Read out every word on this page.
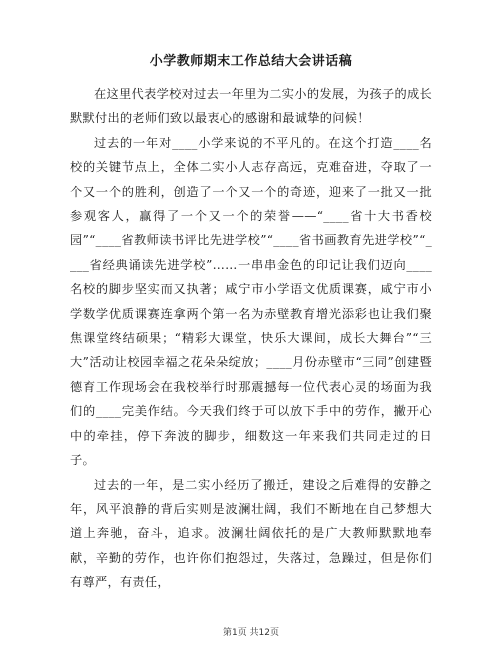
小学教师期末工作总结大会讲话稿

在这里代表学校对过去一年里为二实小的发展，为孩子的成长默默付出的老师们致以最衷心的感谢和最诚挚的问候！

过去的一年对____小学来说的不平凡的。在这个打造____名校的关键节点上，全体二实小人志存高远，克难奋进，夺取了一个又一个的胜利，创造了一个又一个的奇迹，迎来了一批又一批参观客人，赢得了一个又一个的荣誉——“____省十大书香校园”“____省教师读书评比先进学校”“____省书画教育先进学校”“____省经典诵读先进学校”……一串串金色的印记让我们迈向____名校的脚步坚实而又执著；咸宁市小学语文优质课赛，咸宁市小学数学优质课赛连拿两个第一名为赤壁教育增光添彩也让我们聚焦课堂终结硕果；“精彩大课堂，快乐大课间，成长大舞台”“三大”活动让校园幸福之花朵朵绽放；____月份赤壁市“三同”创建暨德育工作现场会在我校举行时那震撼每一位代表心灵的场面为我们的____完美作结。今天我们终于可以放下手中的劳作，撇开心中的牵挂，停下奔波的脚步，细数这一年来我们共同走过的日子。

过去的一年，是二实小经历了搬迁，建设之后难得的安静之年，风平浪静的背后实则是波澜壮阔，我们不断地在自己梦想大道上奔驰，奋斗，追求。波澜壮阔依托的是广大教师默默地奉献，辛勤的劳作，也许你们抱怨过，失落过，急躁过，但是你们有尊严，有责任，

第1页 共12页
